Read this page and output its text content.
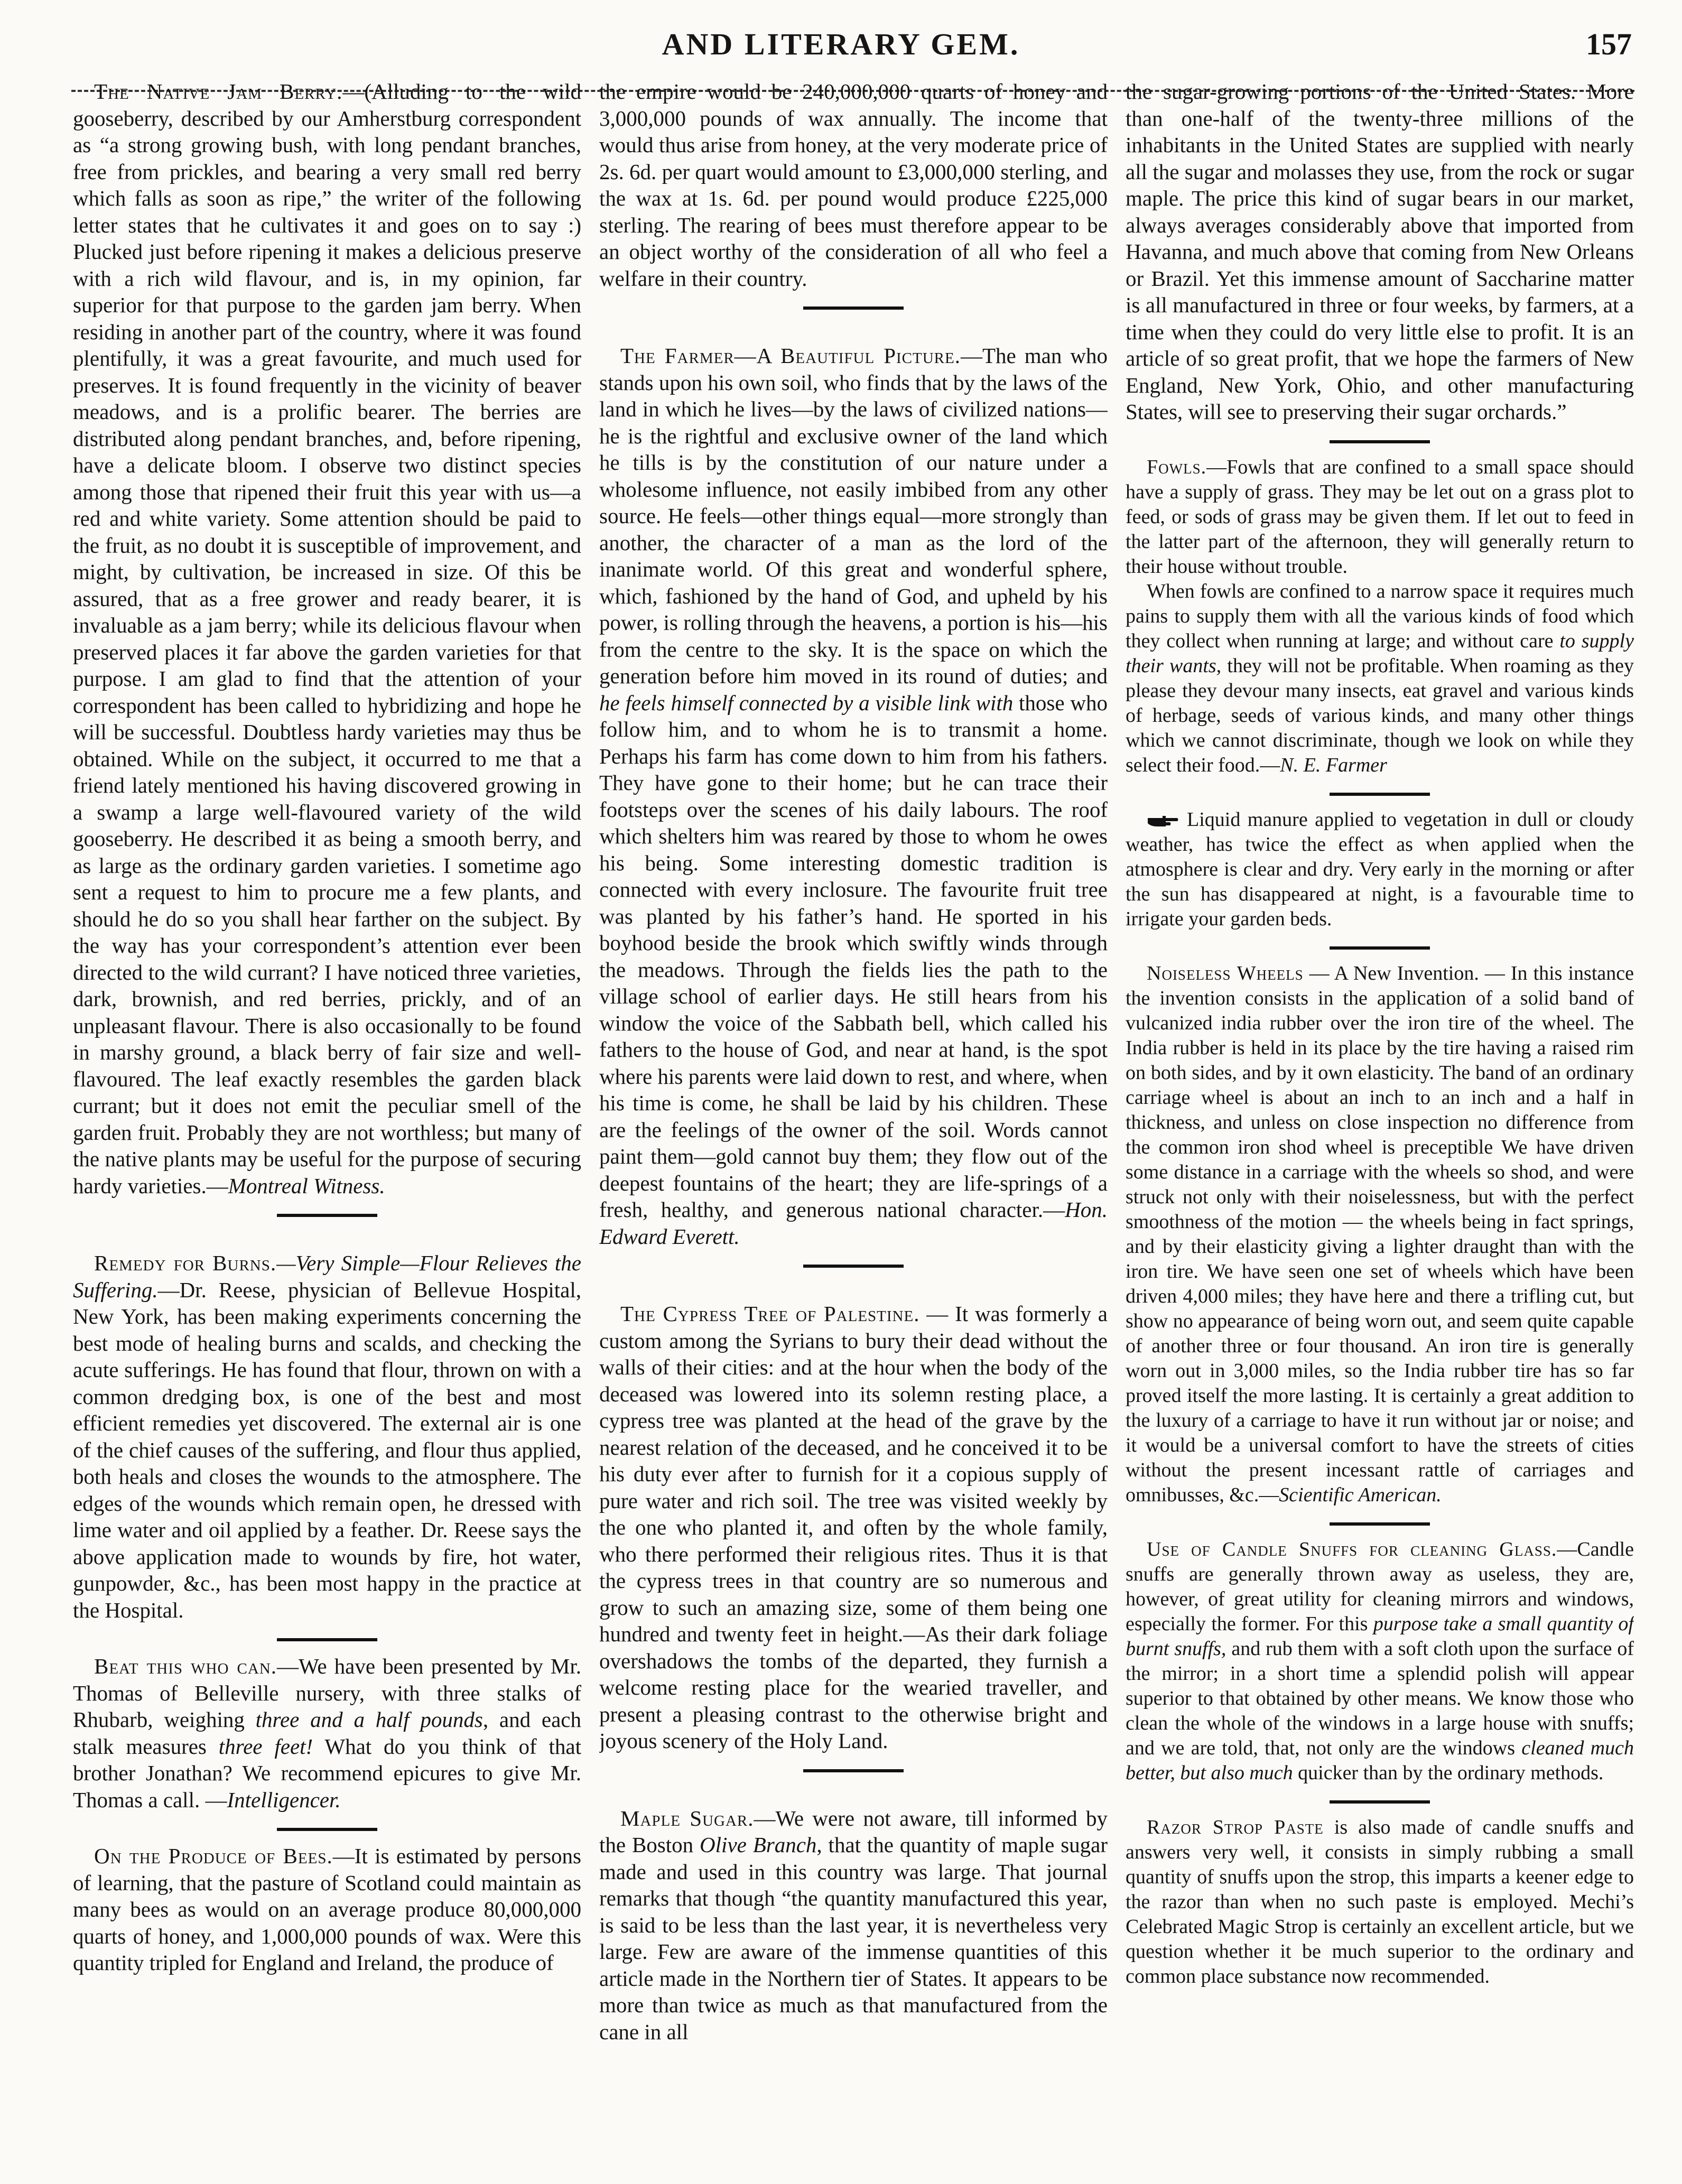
AND LITERARY GEM.	157

The Native Jam Berry.—(Alluding to the wild gooseberry, described by our Amherstburg correspondent as “a strong growing bush, with long pendant branches, free from prickles, and bearing a very small red berry which falls as soon as ripe,” the writer of the following letter states that he cultivates it and goes on to say :) Plucked just before ripening it makes a delicious preserve with a rich wild flavour, and is, in my opinion, far superior for that purpose to the garden jam berry. When residing in another part of the country, where it was found plentifully, it was a great favourite, and much used for preserves. It is found frequently in the vicinity of beaver meadows, and is a prolific bearer. The berries are distributed along pendant branches, and, before ripening, have a delicate bloom. I observe two distinct species among those that ripened their fruit this year with us—a red and white variety. Some attention should be paid to the fruit, as no doubt it is susceptible of improvement, and might, by cultivation, be increased in size. Of this be assured, that as a free grower and ready bearer, it is invaluable as a jam berry; while its delicious flavour when preserved places it far above the garden varieties for that purpose. I am glad to find that the attention of your correspondent has been called to hybridizing and hope he will be successful. Doubtless hardy varieties may thus be obtained. While on the subject, it occurred to me that a friend lately mentioned his having discovered growing in a swamp a large well-flavoured variety of the wild gooseberry. He described it as being a smooth berry, and as large as the ordinary garden varieties. I sometime ago sent a request to him to procure me a few plants, and should he do so you shall hear farther on the subject. By the way has your correspondent’s attention ever been directed to the wild currant? I have noticed three varieties, dark, brownish, and red berries, prickly, and of an unpleasant flavour. There is also occasionally to be found in marshy ground, a black berry of fair size and well-flavoured. The leaf exactly resembles the garden black currant; but it does not emit the peculiar smell of the garden fruit. Probably they are not worthless; but many of the native plants may be useful for the purpose of securing hardy varieties.—Montreal Witness.

Remedy for Burns.—Very Simple—Flour Relieves the Suffering.—Dr. Reese, physician of Bellevue Hospital, New York, has been making experiments concerning the best mode of healing burns and scalds, and checking the acute sufferings. He has found that flour, thrown on with a common dredging box, is one of the best and most efficient remedies yet discovered. The external air is one of the chief causes of the suffering, and flour thus applied, both heals and closes the wounds to the atmosphere. The edges of the wounds which remain open, he dressed with lime water and oil applied by a feather. Dr. Reese says the above application made to wounds by fire, hot water, gunpowder, &c., has been most happy in the practice at the Hospital.

Beat this who can.—We have been presented by Mr. Thomas of Belleville nursery, with three stalks of Rhubarb, weighing three and a half pounds, and each stalk measures three feet! What do you think of that brother Jonathan? We recommend epicures to give Mr. Thomas a call. —Intelligencer.

On the Produce of Bees.—It is estimated by persons of learning, that the pasture of Scotland could maintain as many bees as would on an average produce 80,000,000 quarts of honey, and 1,000,000 pounds of wax. Were this quantity tripled for England and Ireland, the produce of

the empire would be 240,000,000 quarts of honey and 3,000,000 pounds of wax annually. The income that would thus arise from honey, at the very moderate price of 2s. 6d. per quart would amount to £3,000,000 sterling, and the wax at 1s. 6d. per pound would produce £225,000 sterling. The rearing of bees must therefore appear to be an object worthy of the consideration of all who feel a welfare in their country.

The Farmer—A Beautiful Picture.—The man who stands upon his own soil, who finds that by the laws of the land in which he lives—by the laws of civilized nations—he is the rightful and exclusive owner of the land which he tills is by the constitution of our nature under a wholesome influence, not easily imbibed from any other source. He feels—other things equal—more strongly than another, the character of a man as the lord of the inanimate world. Of this great and wonderful sphere, which, fashioned by the hand of God, and upheld by his power, is rolling through the heavens, a portion is his—his from the centre to the sky. It is the space on which the generation before him moved in its round of duties; and he feels himself connected by a visible link with those who follow him, and to whom he is to transmit a home. Perhaps his farm has come down to him from his fathers. They have gone to their home; but he can trace their footsteps over the scenes of his daily labours. The roof which shelters him was reared by those to whom he owes his being. Some interesting domestic tradition is connected with every inclosure. The favourite fruit tree was planted by his father’s hand. He sported in his boyhood beside the brook which swiftly winds through the meadows. Through the fields lies the path to the village school of earlier days. He still hears from his window the voice of the Sabbath bell, which called his fathers to the house of God, and near at hand, is the spot where his parents were laid down to rest, and where, when his time is come, he shall be laid by his children. These are the feelings of the owner of the soil. Words cannot paint them—gold cannot buy them; they flow out of the deepest fountains of the heart; they are life-springs of a fresh, healthy, and generous national character.—Hon. Edward Everett.

The Cypress Tree of Palestine. — It was formerly a custom among the Syrians to bury their dead without the walls of their cities: and at the hour when the body of the deceased was lowered into its solemn resting place, a cypress tree was planted at the head of the grave by the nearest relation of the deceased, and he conceived it to be his duty ever after to furnish for it a copious supply of pure water and rich soil. The tree was visited weekly by the one who planted it, and often by the whole family, who there performed their religious rites. Thus it is that the cypress trees in that country are so numerous and grow to such an amazing size, some of them being one hundred and twenty feet in height.—As their dark foliage overshadows the tombs of the departed, they furnish a welcome resting place for the wearied traveller, and present a pleasing contrast to the otherwise bright and joyous scenery of the Holy Land.

Maple Sugar.—We were not aware, till informed by the Boston Olive Branch, that the quantity of maple sugar made and used in this country was large. That journal remarks that though “the quantity manufactured this year, is said to be less than the last year, it is nevertheless very large. Few are aware of the immense quantities of this article made in the Northern tier of States. It appears to be more than twice as much as that manufactured from the cane in all

the sugar-growing portions of the United States. More than one-half of the twenty-three millions of the inhabitants in the United States are supplied with nearly all the sugar and molasses they use, from the rock or sugar maple. The price this kind of sugar bears in our market, always averages considerably above that imported from Havanna, and much above that coming from New Orleans or Brazil. Yet this immense amount of Saccharine matter is all manufactured in three or four weeks, by farmers, at a time when they could do very little else to profit. It is an article of so great profit, that we hope the farmers of New England, New York, Ohio, and other manufacturing States, will see to preserving their sugar orchards.”

Fowls.—Fowls that are confined to a small space should have a supply of grass. They may be let out on a grass plot to feed, or sods of grass may be given them. If let out to feed in the latter part of the afternoon, they will generally return to their house without trouble.

When fowls are confined to a narrow space it requires much pains to supply them with all the various kinds of food which they collect when running at large; and without care to supply their wants, they will not be profitable. When roaming as they please they devour many insects, eat gravel and various kinds of herbage, seeds of various kinds, and many other things which we cannot discriminate, though we look on while they select their food.—N. E. Farmer

Liquid manure applied to vegetation in dull or cloudy weather, has twice the effect as when applied when the atmosphere is clear and dry. Very early in the morning or after the sun has disappeared at night, is a favourable time to irrigate your garden beds.

Noiseless Wheels — A New Invention. — In this instance the invention consists in the application of a solid band of vulcanized india rubber over the iron tire of the wheel. The India rubber is held in its place by the tire having a raised rim on both sides, and by it own elasticity. The band of an ordinary carriage wheel is about an inch to an inch and a half in thickness, and unless on close inspection no difference from the common iron shod wheel is preceptible We have driven some distance in a carriage with the wheels so shod, and were struck not only with their noiselessness, but with the perfect smoothness of the motion — the wheels being in fact springs, and by their elasticity giving a lighter draught than with the iron tire. We have seen one set of wheels which have been driven 4,000 miles; they have here and there a trifling cut, but show no appearance of being worn out, and seem quite capable of another three or four thousand. An iron tire is generally worn out in 3,000 miles, so the India rubber tire has so far proved itself the more lasting. It is certainly a great addition to the luxury of a carriage to have it run without jar or noise; and it would be a universal comfort to have the streets of cities without the present incessant rattle of carriages and omnibusses, &c.—Scientific American.

Use of Candle Snuffs for cleaning Glass.—Candle snuffs are generally thrown away as useless, they are, however, of great utility for cleaning mirrors and windows, especially the former. For this purpose take a small quantity of burnt snuffs, and rub them with a soft cloth upon the surface of the mirror; in a short time a splendid polish will appear superior to that obtained by other means. We know those who clean the whole of the windows in a large house with snuffs; and we are told, that, not only are the windows cleaned much better, but also much quicker than by the ordinary methods.

Razor Strop Paste is also made of candle snuffs and answers very well, it consists in simply rubbing a small quantity of snuffs upon the strop, this imparts a keener edge to the razor than when no such paste is employed. Mechi’s Celebrated Magic Strop is certainly an excellent article, but we question whether it be much superior to the ordinary and common place substance now recommended.
